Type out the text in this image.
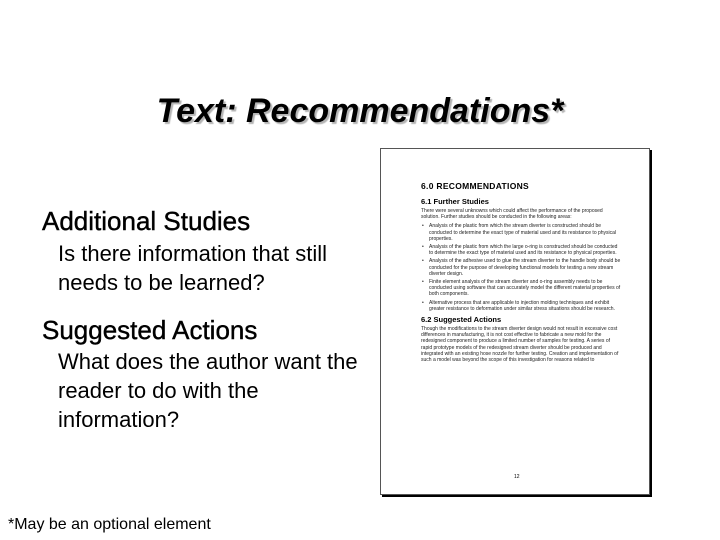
Text: Recommendations*
Additional Studies
Is there information that still needs to be learned?
Suggested Actions
What does the author want the reader to do with the information?
6.0 RECOMMENDATIONS
6.1 Further Studies
There were several unknowns which could affect the performance of the proposed solution. Further studies should be conducted in the following areas:
• Analysis of the plastic from which the stream diverter is constructed should be conducted to determine the exact type of material used and its resistance to physical properties.
• Analysis of the plastic from which the large o-ring is constructed should be conducted to determine the exact type of material used and its resistance to physical properties.
• Analysis of the adhesive used to glue the stream diverter to the handle body should be conducted for the purpose of developing functional models for testing a new stream diverter design.
• Finite element analysis of the stream diverter and o-ring assembly needs to be conducted using software that can accurately model the different material properties of both components.
• Alternative process that are applicable to injection molding techniques and exhibit greater resistance to deformation under similar stress situations should be research.
6.2 Suggested Actions
Though the modifications to the stream diverter design would not result in excessive cost differences in manufacturing, it is not cost effective to fabricate a new mold for the redesigned component to produce a limited number of samples for testing. A series of rapid prototype models of the redesigned stream diverter should be produced and integrated with an existing hose nozzle for further testing. Creation and implementation of such a model was beyond the scope of this investigation for reasons related to
12
*May be an optional element
